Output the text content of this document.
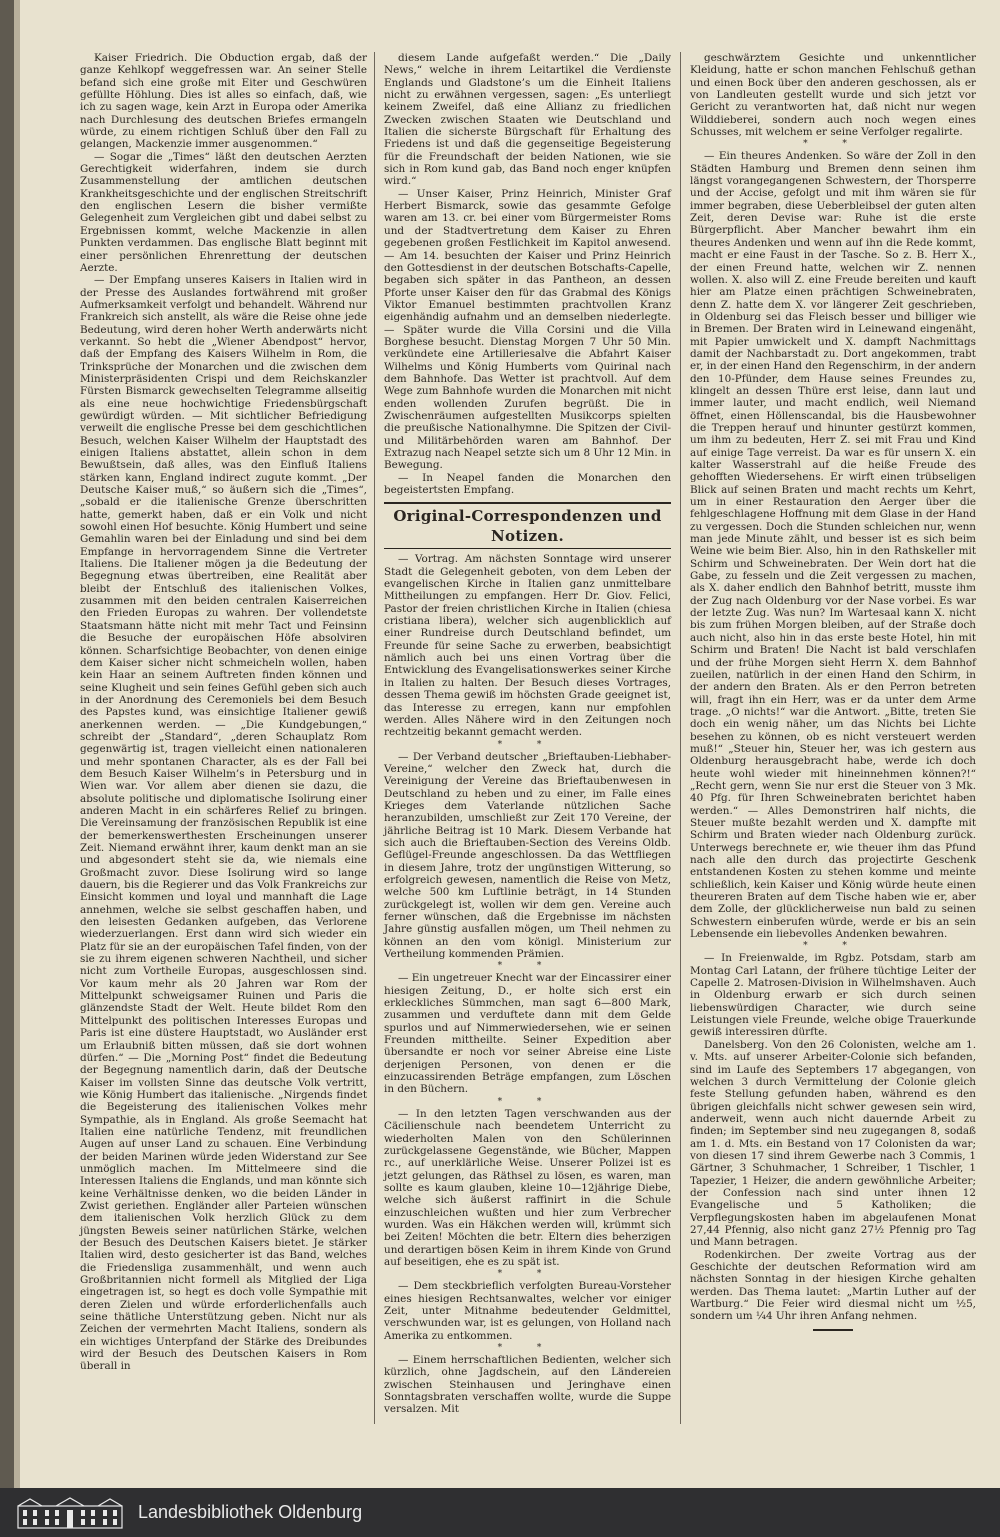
Kaiser Friedrich. Die Obduction ergab, daß der ganze Kehlkopf weggefressen war. An seiner Stelle befand sich eine große mit Eiter und Geschwüren gefüllte Höhlung. Dies ist alles so einfach, daß, wie ich zu sagen wage, kein Arzt in Europa oder Amerika nach Durchlesung des deutschen Briefes ermangeln würde, zu einem richtigen Schluß über den Fall zu gelangen, Mackenzie immer ausgenommen.“

— Sogar die „Times“ läßt den deutschen Aerzten Gerechtigkeit widerfahren, indem sie durch Zusammenstellung der amtlichen deutschen Krankheitsgeschichte und der englischen Streitschrift den englischen Lesern die bisher vermißte Gelegenheit zum Vergleichen gibt und dabei selbst zu Ergebnissen kommt, welche Mackenzie in allen Punkten verdammen. Das englische Blatt beginnt mit einer persönlichen Ehrenrettung der deutschen Aerzte.

— Der Empfang unseres Kaisers in Italien wird in der Presse des Auslandes fortwährend mit großer Aufmerksamkeit verfolgt und behandelt. Während nur Frankreich sich anstellt, als wäre die Reise ohne jede Bedeutung, wird deren hoher Werth anderwärts nicht verkannt. So hebt die „Wiener Abendpost“ hervor, daß der Empfang des Kaisers Wilhelm in Rom, die Trinksprüche der Monarchen und die zwischen dem Ministerpräsidenten Crispi und dem Reichskanzler Fürsten Bismarck gewechselten Telegramme allseitig als eine neue hochwichtige Friedensbürgschaft gewürdigt würden. — Mit sichtlicher Befriedigung verweilt die englische Presse bei dem geschichtlichen Besuch, welchen Kaiser Wilhelm der Hauptstadt des einigen Italiens abstattet, allein schon in dem Bewußtsein, daß alles, was den Einfluß Italiens stärken kann, England indirect zugute kommt. „Der Deutsche Kaiser muß,“ so äußern sich die „Times“, „sobald er die italienische Grenze überschritten hatte, gemerkt haben, daß er ein Volk und nicht sowohl einen Hof besuchte. König Humbert und seine Gemahlin waren bei der Einladung und sind bei dem Empfange in hervorragendem Sinne die Vertreter Italiens. Die Italiener mögen ja die Bedeutung der Begegnung etwas übertreiben, eine Realität aber bleibt der Entschluß des italienischen Volkes, zusammen mit den beiden centralen Kaiserreichen den Frieden Europas zu wahren. Der vollendetste Staatsmann hätte nicht mit mehr Tact und Feinsinn die Besuche der europäischen Höfe absolviren können. Scharfsichtige Beobachter, von denen einige dem Kaiser sicher nicht schmeicheln wollen, haben kein Haar an seinem Auftreten finden können und seine Klugheit und sein feines Gefühl geben sich auch in der Anordnung des Ceremoniels bei dem Besuch des Papstes kund, was einsichtige Italiener gewiß anerkennen werden. — „Die Kundgebungen,“ schreibt der „Standard“, „deren Schauplatz Rom gegenwärtig ist, tragen vielleicht einen nationaleren und mehr spontanen Character, als es der Fall bei dem Besuch Kaiser Wilhelm’s in Petersburg und in Wien war. Vor allem aber dienen sie dazu, die absolute politische und diplomatische Isolirung einer anderen Macht in ein schärferes Relief zu bringen. Die Vereinsamung der französischen Republik ist eine der bemerkenswerthesten Erscheinungen unserer Zeit. Niemand erwähnt ihrer, kaum denkt man an sie und abgesondert steht sie da, wie niemals eine Großmacht zuvor. Diese Isolirung wird so lange dauern, bis die Regierer und das Volk Frankreichs zur Einsicht kommen und loyal und mannhaft die Lage annehmen, welche sie selbst geschaffen haben, und den leisesten Gedanken aufgeben, das Verlorene wiederzuerlangen. Erst dann wird sich wieder ein Platz für sie an der europäischen Tafel finden, von der sie zu ihrem eigenen schweren Nachtheil, und sicher nicht zum Vortheile Europas, ausgeschlossen sind. Vor kaum mehr als 20 Jahren war Rom der Mittelpunkt schweigsamer Ruinen und Paris die glänzendste Stadt der Welt. Heute bildet Rom den Mittelpunkt des politischen Interesses Europas und Paris ist eine düstere Hauptstadt, wo Ausländer erst um Erlaubniß bitten müssen, daß sie dort wohnen dürfen.“ — Die „Morning Post“ findet die Bedeutung der Begegnung namentlich darin, daß der Deutsche Kaiser im vollsten Sinne das deutsche Volk vertritt, wie König Humbert das italienische. „Nirgends findet die Begeisterung des italienischen Volkes mehr Sympathie, als in England. Als große Seemacht hat Italien eine natürliche Tendenz, mit freundlichen Augen auf unser Land zu schauen. Eine Verbindung der beiden Marinen würde jeden Widerstand zur See unmöglich machen. Im Mittelmeere sind die Interessen Italiens die Englands, und man könnte sich keine Verhältnisse denken, wo die beiden Länder in Zwist geriethen. Engländer aller Parteien wünschen dem italienischen Volk herzlich Glück zu dem jüngsten Beweis seiner natürlichen Stärke, welchen der Besuch des Deutschen Kaisers bietet. Je stärker Italien wird, desto gesicherter ist das Band, welches die Friedensliga zusammenhält, und wenn auch Großbritannien nicht formell als Mitglied der Liga eingetragen ist, so hegt es doch volle Sympathie mit deren Zielen und würde erforderlichenfalls auch seine thätliche Unterstützung geben. Nicht nur als Zeichen der vermehrten Macht Italiens, sondern als ein wichtiges Unterpfand der Stärke des Dreibundes wird der Besuch des Deutschen Kaisers in Rom überall in

diesem Lande aufgefaßt werden.“ Die „Daily News,“ welche in ihrem Leitartikel die Verdienste Englands und Gladstone’s um die Einheit Italiens nicht zu erwähnen vergessen, sagen: „Es unterliegt keinem Zweifel, daß eine Allianz zu friedlichen Zwecken zwischen Staaten wie Deutschland und Italien die sicherste Bürgschaft für Erhaltung des Friedens ist und daß die gegenseitige Begeisterung für die Freundschaft der beiden Nationen, wie sie sich in Rom kund gab, das Band noch enger knüpfen wird.“

— Unser Kaiser, Prinz Heinrich, Minister Graf Herbert Bismarck, sowie das gesammte Gefolge waren am 13. cr. bei einer vom Bürgermeister Roms und der Stadtvertretung dem Kaiser zu Ehren gegebenen großen Festlichkeit im Kapitol anwesend. — Am 14. besuchten der Kaiser und Prinz Heinrich den Gottesdienst in der deutschen Botschafts-Capelle, begaben sich später in das Pantheon, an dessen Pforte unser Kaiser den für das Grabmal des Königs Viktor Emanuel bestimmten prachtvollen Kranz eigenhändig aufnahm und an demselben niederlegte. — Später wurde die Villa Corsini und die Villa Borghese besucht. Dienstag Morgen 7 Uhr 50 Min. verkündete eine Artilleriesalve die Abfahrt Kaiser Wilhelms und König Humberts vom Quirinal nach dem Bahnhofe. Das Wetter ist prachtvoll. Auf dem Wege zum Bahnhofe wurden die Monarchen mit nicht enden wollenden Zurufen begrüßt. Die in Zwischenräumen aufgestellten Musikcorps spielten die preußische Nationalhymne. Die Spitzen der Civil- und Militärbehörden waren am Bahnhof. Der Extrazug nach Neapel setzte sich um 8 Uhr 12 Min. in Bewegung.

— In Neapel fanden die Monarchen den begeistertsten Empfang.

Original-Correspondenzen und Notizen.

— Vortrag. Am nächsten Sonntage wird unserer Stadt die Gelegenheit geboten, von dem Leben der evangelischen Kirche in Italien ganz unmittelbare Mittheilungen zu empfangen. Herr Dr. Giov. Felici, Pastor der freien christlichen Kirche in Italien (chiesa cristiana libera), welcher sich augenblicklich auf einer Rundreise durch Deutschland befindet, um Freunde für seine Sache zu erwerben, beabsichtigt nämlich auch bei uns einen Vortrag über die Entwicklung des Evangelisationswerkes seiner Kirche in Italien zu halten. Der Besuch dieses Vortrages, dessen Thema gewiß im höchsten Grade geeignet ist, das Interesse zu erregen, kann nur empfohlen werden. Alles Nähere wird in den Zeitungen noch rechtzeitig bekannt gemacht werden.

* *

— Der Verband deutscher „Brieftauben-Liebhaber-Vereine,“ welcher den Zweck hat, durch die Vereinigung der Vereine das Brieftaubenwesen in Deutschland zu heben und zu einer, im Falle eines Krieges dem Vaterlande nützlichen Sache heranzubilden, umschließt zur Zeit 170 Vereine, der jährliche Beitrag ist 10 Mark. Diesem Verbande hat sich auch die Brieftauben-Section des Vereins Oldb. Geflügel-Freunde angeschlossen. Da das Wettfliegen in diesem Jahre, trotz der ungünstigen Witterung, so erfolgreich gewesen, namentlich die Reise von Metz, welche 500 km Luftlinie beträgt, in 14 Stunden zurückgelegt ist, wollen wir dem gen. Vereine auch ferner wünschen, daß die Ergebnisse im nächsten Jahre günstig ausfallen mögen, um Theil nehmen zu können an den vom königl. Ministerium zur Vertheilung kommenden Prämien.

* *

— Ein ungetreuer Knecht war der Eincassirer einer hiesigen Zeitung, D., er holte sich erst ein erkleckliches Sümmchen, man sagt 6—800 Mark, zusammen und verduftete dann mit dem Gelde spurlos und auf Nimmerwiedersehen, wie er seinen Freunden mittheilte. Seiner Expedition aber übersandte er noch vor seiner Abreise eine Liste derjenigen Personen, von denen er die einzucassirenden Beträge empfangen, zum Löschen in den Büchern.

* *

— In den letzten Tagen verschwanden aus der Cäcilienschule nach beendetem Unterricht zu wiederholten Malen von den Schülerinnen zurückgelassene Gegenstände, wie Bücher, Mappen rc., auf unerklärliche Weise. Unserer Polizei ist es jetzt gelungen, das Räthsel zu lösen, es waren, man sollte es kaum glauben, kleine 10—12jährige Diebe, welche sich äußerst raffinirt in die Schule einzuschleichen wußten und hier zum Verbrecher wurden. Was ein Häkchen werden will, krümmt sich bei Zeiten! Möchten die betr. Eltern dies beherzigen und derartigen bösen Keim in ihrem Kinde von Grund auf beseitigen, ehe es zu spät ist.

* *

— Dem steckbrieflich verfolgten Bureau-Vorsteher eines hiesigen Rechtsanwaltes, welcher vor einiger Zeit, unter Mitnahme bedeutender Geldmittel, verschwunden war, ist es gelungen, von Holland nach Amerika zu entkommen.

* *

— Einem herrschaftlichen Bedienten, welcher sich kürzlich, ohne Jagdschein, auf den Ländereien zwischen Steinhausen und Jeringhave einen Sonntagsbraten verschaffen wollte, wurde die Suppe versalzen. Mit

geschwärztem Gesichte und unkenntlicher Kleidung, hatte er schon manchen Fehlschuß gethan und einen Bock über den anderen geschossen, als er von Landleuten gestellt wurde und sich jetzt vor Gericht zu verantworten hat, daß nicht nur wegen Wilddieberei, sondern auch noch wegen eines Schusses, mit welchem er seine Verfolger regalirte.

* *

— Ein theures Andenken. So wäre der Zoll in den Städten Hamburg und Bremen denn seinen ihm längst vorangegangenen Schwestern, der Thorsperre und der Accise, gefolgt und mit ihm wären sie für immer begraben, diese Ueberbleibsel der guten alten Zeit, deren Devise war: Ruhe ist die erste Bürgerpflicht. Aber Mancher bewahrt ihm ein theures Andenken und wenn auf ihn die Rede kommt, macht er eine Faust in der Tasche. So z. B. Herr X., der einen Freund hatte, welchen wir Z. nennen wollen. X. also will Z. eine Freude bereiten und kauft hier am Platze einen prächtigen Schweinebraten, denn Z. hatte dem X. vor längerer Zeit geschrieben, in Oldenburg sei das Fleisch besser und billiger wie in Bremen. Der Braten wird in Leinewand eingenäht, mit Papier umwickelt und X. dampft Nachmittags damit der Nachbarstadt zu. Dort angekommen, trabt er, in der einen Hand den Regenschirm, in der andern den 10-Pfünder, dem Hause seines Freundes zu, klingelt an dessen Thüre erst leise, dann laut und immer lauter, und macht endlich, weil Niemand öffnet, einen Höllenscandal, bis die Hausbewohner die Treppen herauf und hinunter gestürzt kommen, um ihm zu bedeuten, Herr Z. sei mit Frau und Kind auf einige Tage verreist. Da war es für unsern X. ein kalter Wasserstrahl auf die heiße Freude des gehofften Wiedersehens. Er wirft einen trübseligen Blick auf seinen Braten und macht rechts um Kehrt, um in einer Restauration den Aerger über die fehlgeschlagene Hoffnung mit dem Glase in der Hand zu vergessen. Doch die Stunden schleichen nur, wenn man jede Minute zählt, und besser ist es sich beim Weine wie beim Bier. Also, hin in den Rathskeller mit Schirm und Schweinebraten. Der Wein dort hat die Gabe, zu fesseln und die Zeit vergessen zu machen, als X. daher endlich den Bahnhof betritt, musste ihm der Zug nach Oldenburg vor der Nase vorbei. Es war der letzte Zug. Was nun? Im Wartesaal kann X. nicht bis zum frühen Morgen bleiben, auf der Straße doch auch nicht, also hin in das erste beste Hotel, hin mit Schirm und Braten! Die Nacht ist bald verschlafen und der frühe Morgen sieht Herrn X. dem Bahnhof zueilen, natürlich in der einen Hand den Schirm, in der andern den Braten. Als er den Perron betreten will, fragt ihn ein Herr, was er da unter dem Arme trage. „O nichts!“ war die Antwort. „Bitte, treten Sie doch ein wenig näher, um das Nichts bei Lichte besehen zu können, ob es nicht versteuert werden muß!“ „Steuer hin, Steuer her, was ich gestern aus Oldenburg herausgebracht habe, werde ich doch heute wohl wieder mit hineinnehmen können?!“ „Recht gern, wenn Sie nur erst die Steuer von 3 Mk. 40 Pfg. für Ihren Schweinebraten berichtet haben werden.“ — Alles Demonstriren half nichts, die Steuer mußte bezahlt werden und X. dampfte mit Schirm und Braten wieder nach Oldenburg zurück. Unterwegs berechnete er, wie theuer ihm das Pfund nach alle den durch das projectirte Geschenk entstandenen Kosten zu stehen komme und meinte schließlich, kein Kaiser und König würde heute einen theureren Braten auf dem Tische haben wie er, aber dem Zolle, der glücklicherweise nun bald zu seinen Schwestern einberufen würde, werde er bis an sein Lebensende ein liebevolles Andenken bewahren.

* *

— In Freienwalde, im Rgbz. Potsdam, starb am Montag Carl Latann, der frühere tüchtige Leiter der Capelle 2. Matrosen-Division in Wilhelmshaven. Auch in Oldenburg erwarb er sich durch seinen liebenswürdigen Character, wie durch seine Leistungen viele Freunde, welche obige Trauerkunde gewiß interessiren dürfte.

Danelsberg. Von den 26 Colonisten, welche am 1. v. Mts. auf unserer Arbeiter-Colonie sich befanden, sind im Laufe des Septembers 17 abgegangen, von welchen 3 durch Vermittelung der Colonie gleich feste Stellung gefunden haben, während es den übrigen gleichfalls nicht schwer gewesen sein wird, anderweit, wenn auch nicht dauernde Arbeit zu finden; im September sind neu zugegangen 8, sodaß am 1. d. Mts. ein Bestand von 17 Colonisten da war; von diesen 17 sind ihrem Gewerbe nach 3 Commis, 1 Gärtner, 3 Schuhmacher, 1 Schreiber, 1 Tischler, 1 Tapezier, 1 Heizer, die andern gewöhnliche Arbeiter; der Confession nach sind unter ihnen 12 Evangelische und 5 Katholiken; die Verpflegungskosten haben im abgelaufenen Monat 27,44 Pfennig, also nicht ganz 27½ Pfennig pro Tag und Mann betragen.

Rodenkirchen. Der zweite Vortrag aus der Geschichte der deutschen Reformation wird am nächsten Sonntag in der hiesigen Kirche gehalten werden. Das Thema lautet: „Martin Luther auf der Wartburg.“ Die Feier wird diesmal nicht um ½5, sondern um ¼4 Uhr ihren Anfang nehmen.

Landesbibliothek Oldenburg
